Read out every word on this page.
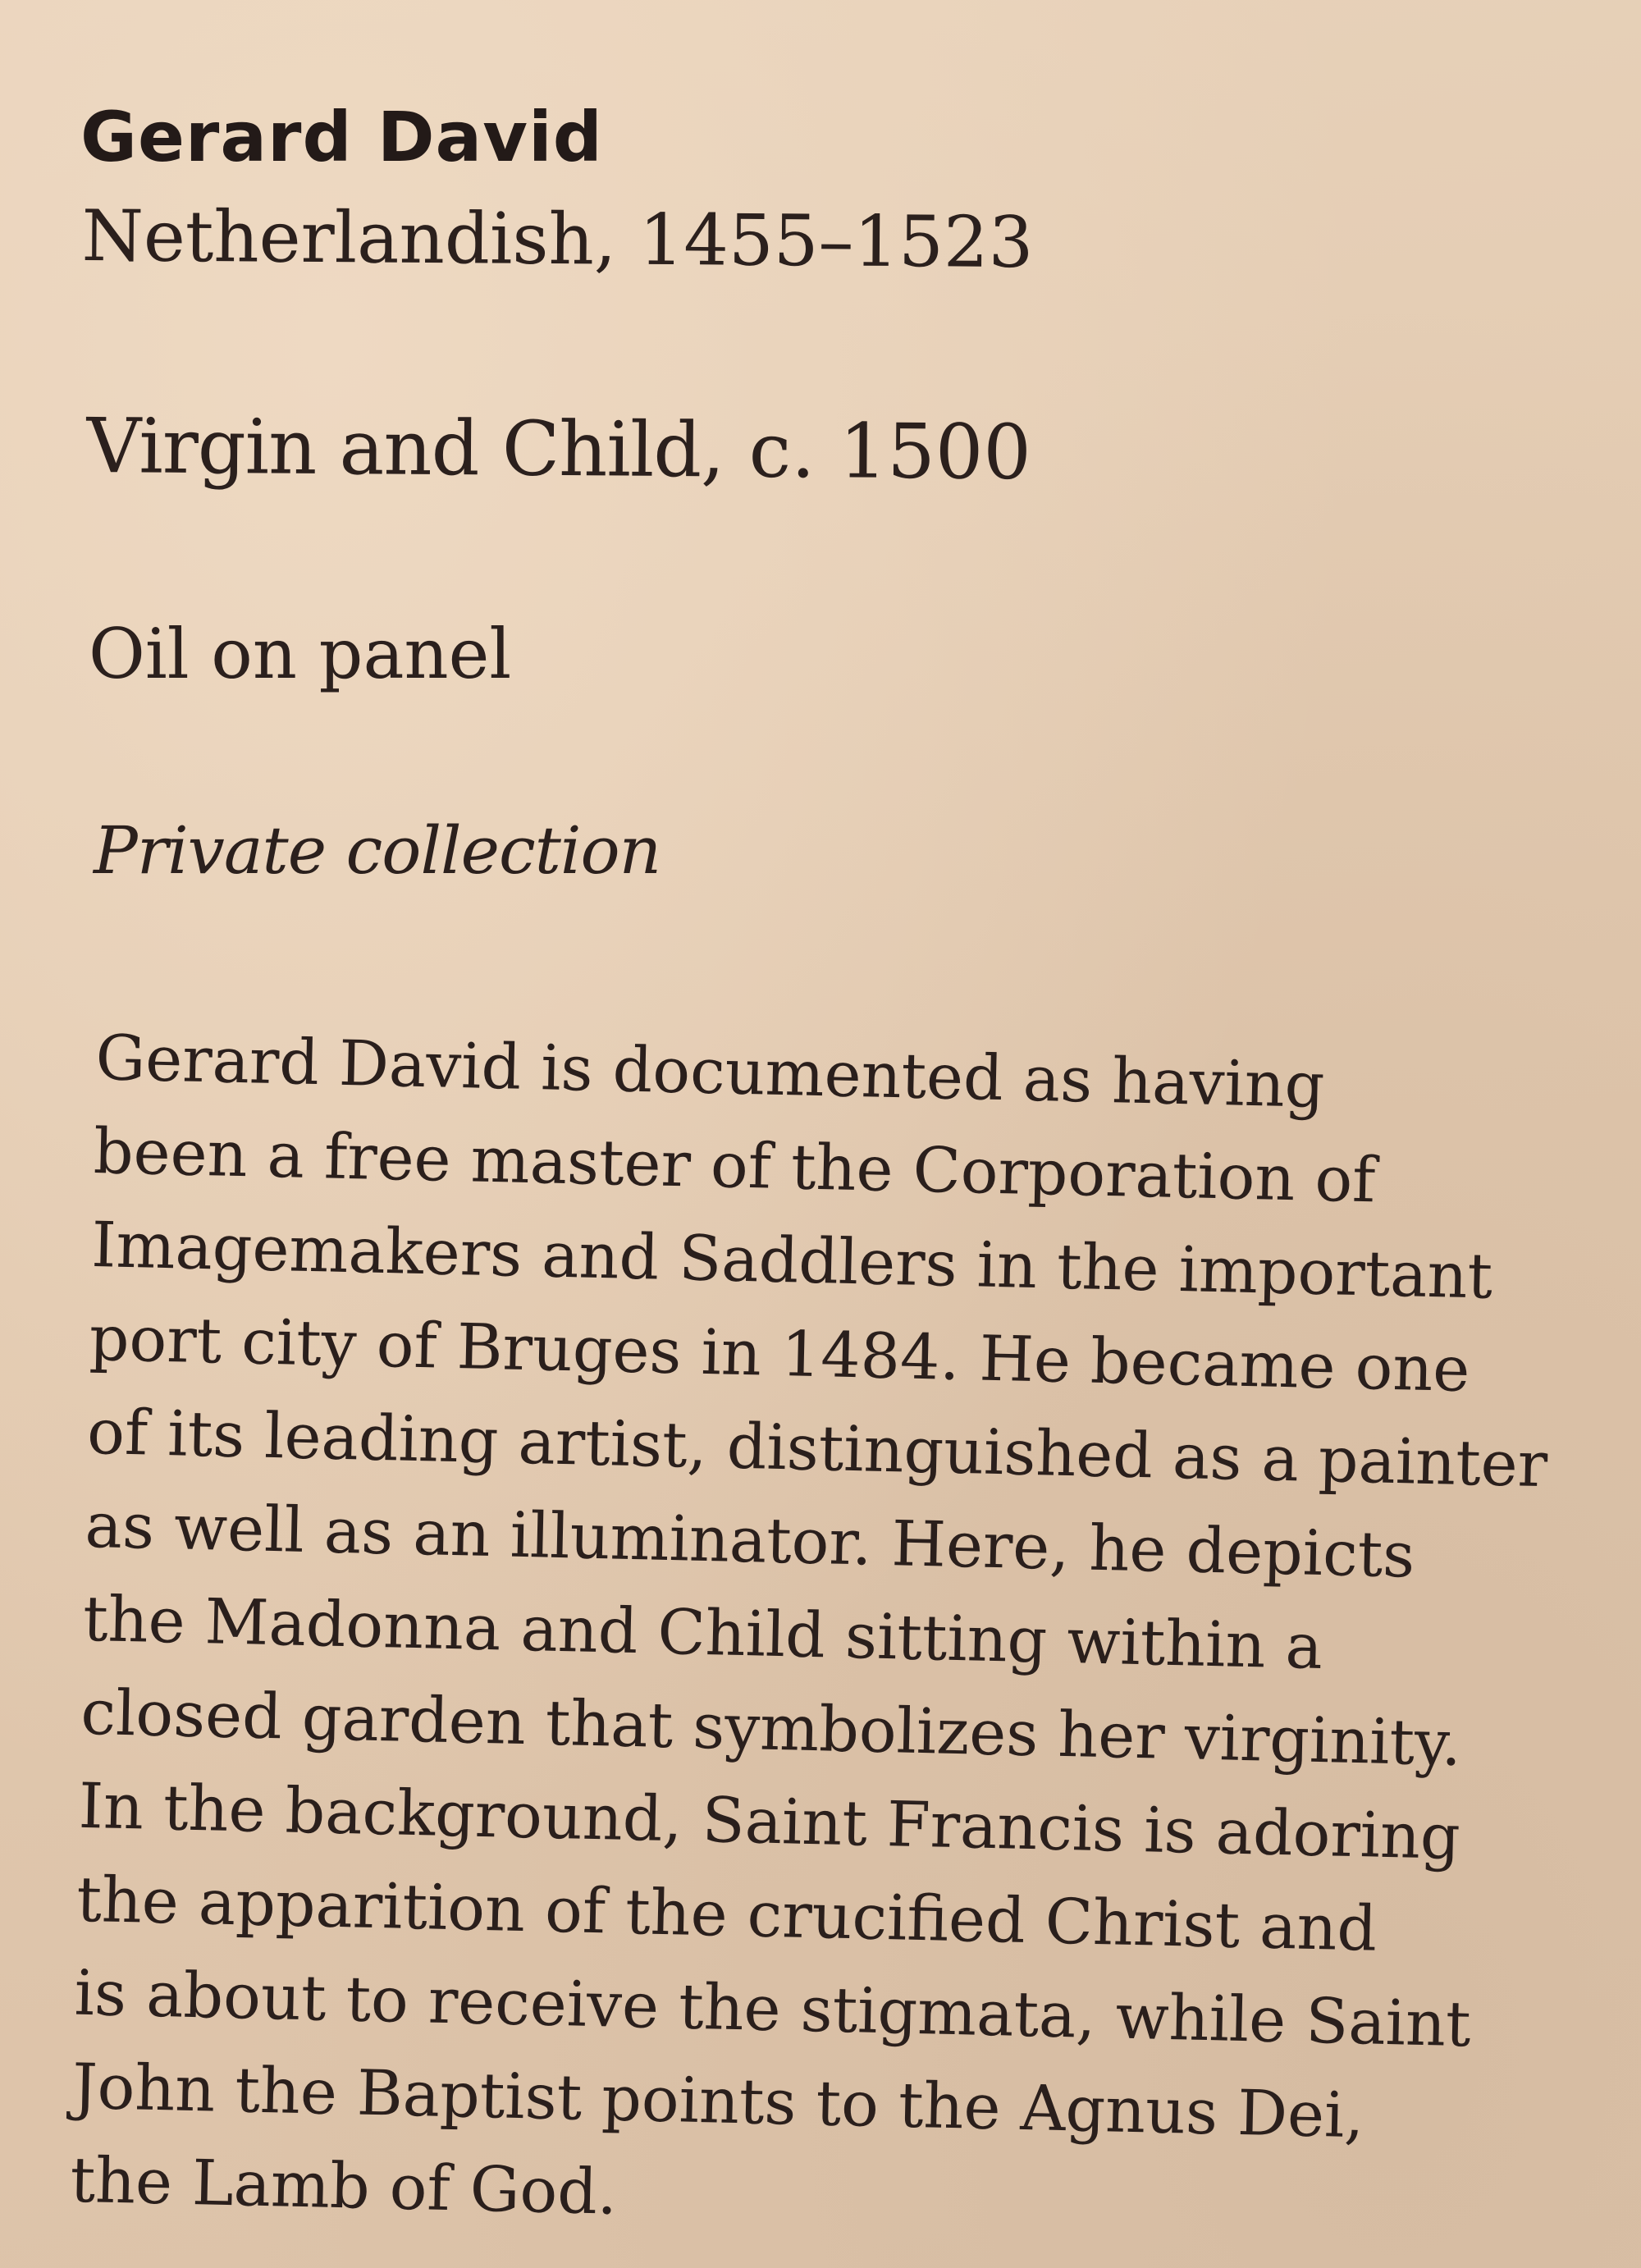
Gerard David
Netherlandish, 1455–1523
Virgin and Child, c. 1500
Oil on panel
Private collection
Gerard David is documented as having
been a free master of the Corporation of
Imagemakers and Saddlers in the important
port city of Bruges in 1484. He became one
of its leading artist, distinguished as a painter
as well as an illuminator. Here, he depicts
the Madonna and Child sitting within a
closed garden that symbolizes her virginity.
In the background, Saint Francis is adoring
the apparition of the crucified Christ and
is about to receive the stigmata, while Saint
John the Baptist points to the Agnus Dei,
the Lamb of God.
